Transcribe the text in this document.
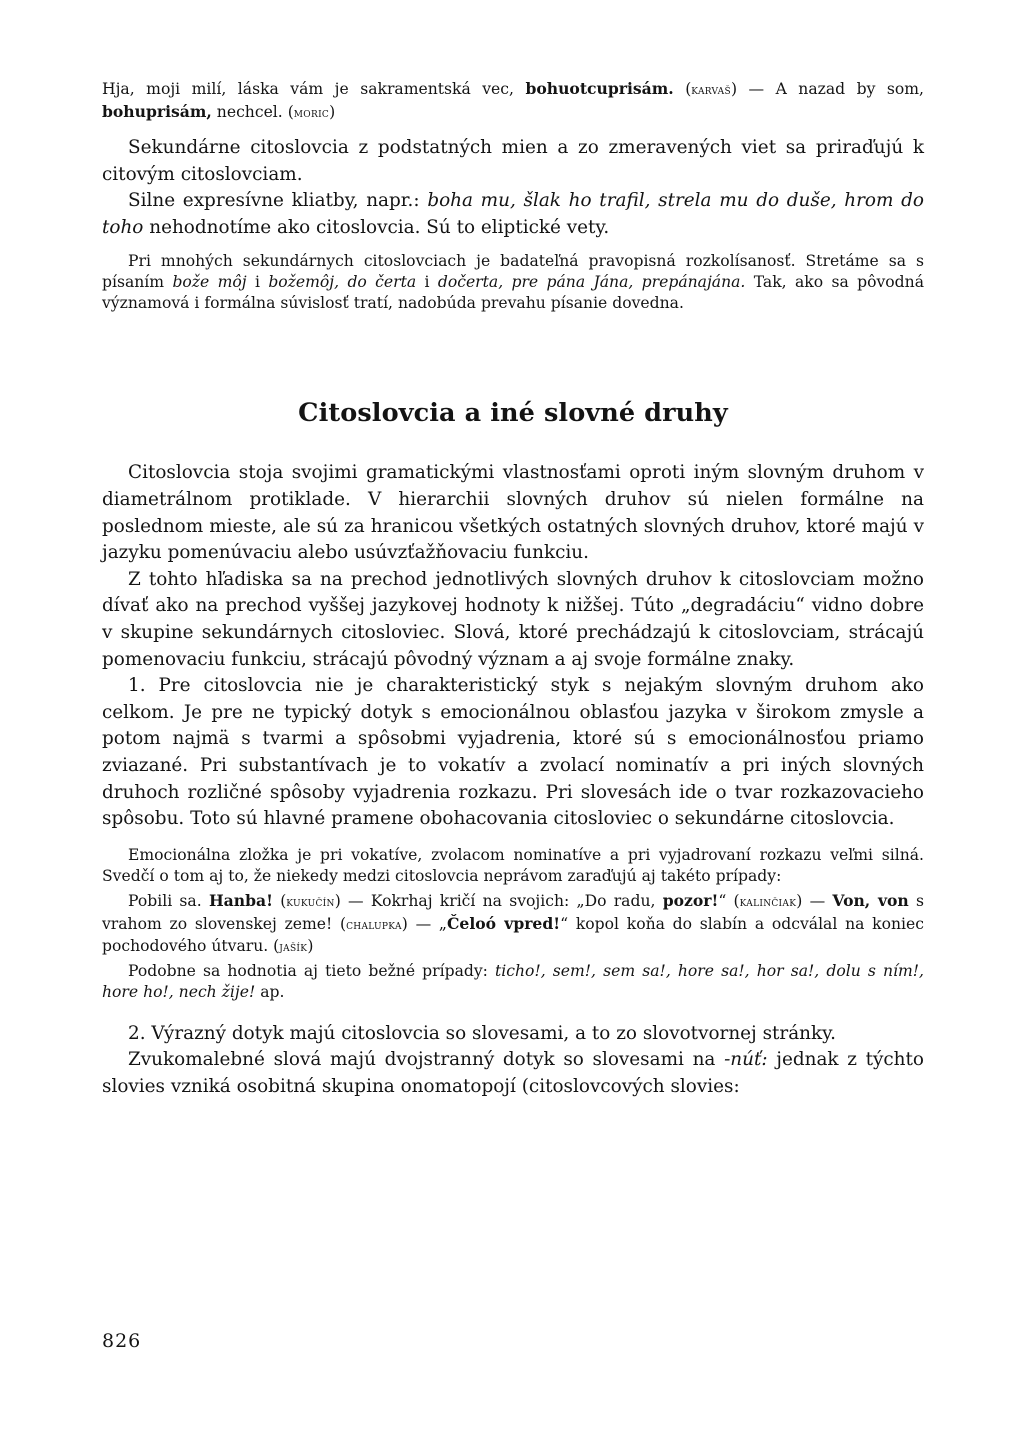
Hja, moji milí, láska vám je sakramentská vec, bohuotcuprisám. (karvaš) — A nazad by som, bohuprisám, nechcel. (moric)

Sekundárne citoslovcia z podstatných mien a zo zmeravených viet sa priraďujú k citovým citoslovciam.

Silne expresívne kliatby, napr.: boha mu, šlak ho trafil, strela mu do duše, hrom do toho nehodnotíme ako citoslovcia. Sú to eliptické vety.

Pri mnohých sekundárnych citoslovciach je badateľná pravopisná rozkolísanosť. Stretáme sa s písaním bože môj i božemôj, do čerta i dočerta, pre pána Jána, prepánajána. Tak, ako sa pôvodná významová i formálna súvislosť tratí, nadobúda prevahu písanie dovedna.

Citoslovcia a iné slovné druhy

Citoslovcia stoja svojimi gramatickými vlastnosťami oproti iným slovným druhom v diametrálnom protiklade. V hierarchii slovných druhov sú nielen formálne na poslednom mieste, ale sú za hranicou všetkých ostatných slovných druhov, ktoré majú v jazyku pomenúvaciu alebo usúvzťažňovaciu funkciu.

Z tohto hľadiska sa na prechod jednotlivých slovných druhov k citoslovciam možno dívať ako na prechod vyššej jazykovej hodnoty k nižšej. Túto „degradáciu“ vidno dobre v skupine sekundárnych citosloviec. Slová, ktoré prechádzajú k citoslovciam, strácajú pomenovaciu funkciu, strácajú pôvodný význam a aj svoje formálne znaky.

1. Pre citoslovcia nie je charakteristický styk s nejakým slovným druhom ako celkom. Je pre ne typický dotyk s emocionálnou oblasťou jazyka v širokom zmysle a potom najmä s tvarmi a spôsobmi vyjadrenia, ktoré sú s emocionálnosťou priamo zviazané. Pri substantívach je to vokatív a zvolací nominatív a pri iných slovných druhoch rozličné spôsoby vyjadrenia rozkazu. Pri slovesách ide o tvar rozkazovacieho spôsobu. Toto sú hlavné pramene obohacovania citosloviec o sekundárne citoslovcia.

Emocionálna zložka je pri vokatíve, zvolacom nominatíve a pri vyjadrovaní rozkazu veľmi silná. Svedčí o tom aj to, že niekedy medzi citoslovcia neprávom zaraďujú aj takéto prípady:

Pobili sa. Hanba! (kukučín) — Kokrhaj kričí na svojich: „Do radu, pozor!“ (kalinčiak) — Von, von s vrahom zo slovenskej zeme! (chalupka) — „Čeloó vpred!“ kopol koňa do slabín a odcválal na koniec pochodového útvaru. (jašík)

Podobne sa hodnotia aj tieto bežné prípady: ticho!, sem!, sem sa!, hore sa!, hor sa!, dolu s ním!, hore ho!, nech žije! ap.

2. Výrazný dotyk majú citoslovcia so slovesami, a to zo slovotvornej stránky.

Zvukomalebné slová majú dvojstranný dotyk so slovesami na -núť: jednak z týchto slovies vzniká osobitná skupina onomatopojí (citoslovcových slovies:

826
